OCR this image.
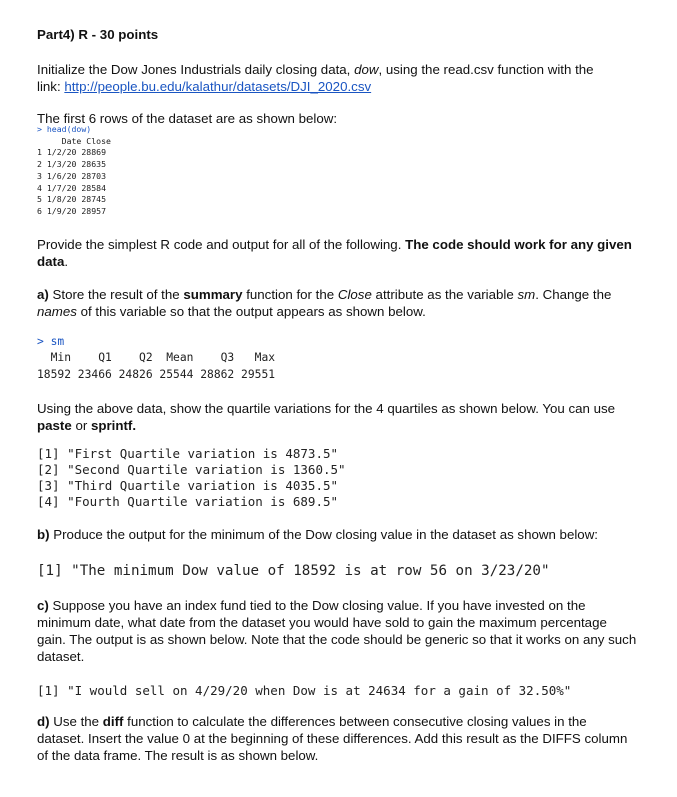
Part4) R - 30 points

Initialize the Dow Jones Industrials daily closing data, dow, using the read.csv function with the
link: http://people.bu.edu/kalathur/datasets/DJI_2020.csv

The first 6 rows of the dataset are as shown below:

> head(dow)
Date Close
1 1/2/20 28869
2 1/3/20 28635
3 1/6/20 28703
4 1/7/20 28584
5 1/8/20 28745
6 1/9/20 28957

Provide the simplest R code and output for all of the following. The code should work for any given data.

a) Store the result of the summary function for the Close attribute as the variable sm. Change the names of this variable so that the output appears as shown below.

> sm
Min    Q1    Q2  Mean    Q3   Max
18592 23466 24826 25544 28862 29551

Using the above data, show the quartile variations for the 4 quartiles as shown below. You can use paste or sprintf.

[1] "First Quartile variation is 4873.5"
[2] "Second Quartile variation is 1360.5"
[3] "Third Quartile variation is 4035.5"
[4] "Fourth Quartile variation is 689.5"

b) Produce the output for the minimum of the Dow closing value in the dataset as shown below:

[1] "The minimum Dow value of 18592 is at row 56 on 3/23/20"

c) Suppose you have an index fund tied to the Dow closing value. If you have invested on the minimum date, what date from the dataset you would have sold to gain the maximum percentage gain. The output is as shown below. Note that the code should be generic so that it works on any such dataset.

[1] "I would sell on 4/29/20 when Dow is at 24634 for a gain of 32.50%"

d) Use the diff function to calculate the differences between consecutive closing values in the dataset. Insert the value 0 at the beginning of these differences. Add this result as the DIFFS column of the data frame. The result is as shown below.
